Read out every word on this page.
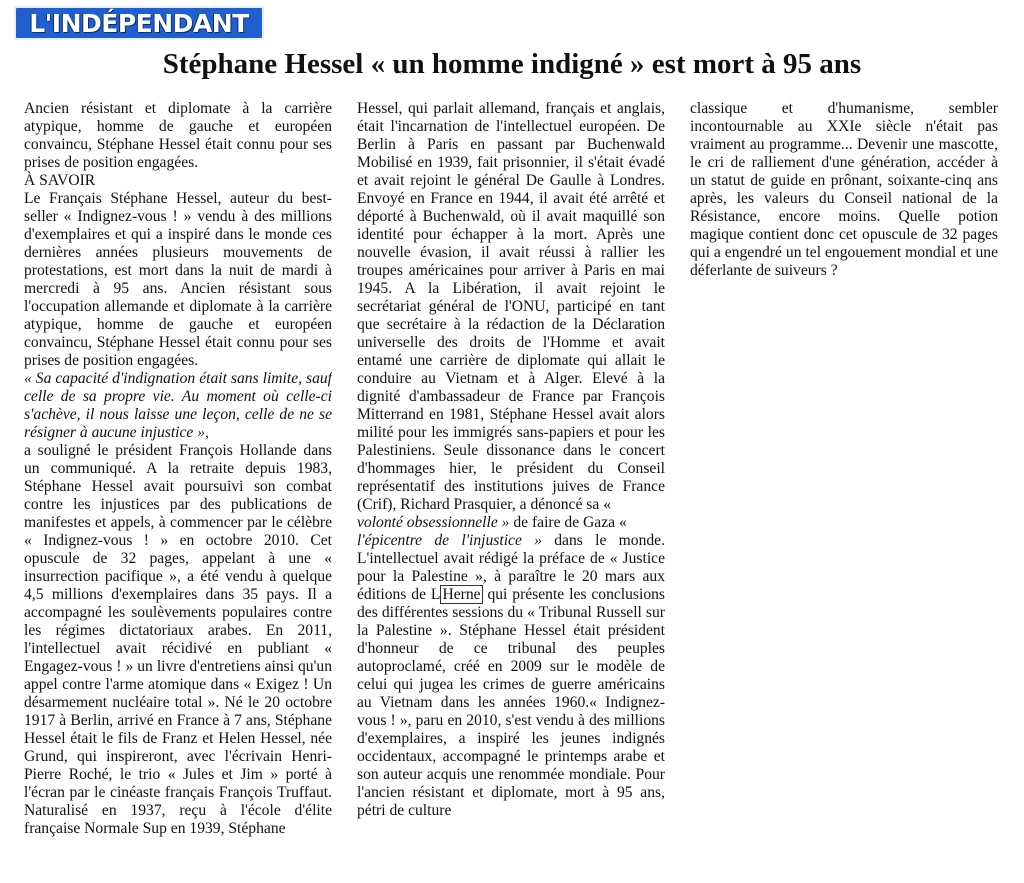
L'INDÉPENDANT
Stéphane Hessel « un homme indigné » est mort à 95 ans

Ancien résistant et diplomate à la carrière atypique, homme de gauche et européen convaincu, Stéphane Hessel était connu pour ses prises de position engagées.

À SAVOIR

Le Français Stéphane Hessel, auteur du best-seller « Indignez-vous ! » vendu à des millions d'exemplaires et qui a inspiré dans le monde ces dernières années plusieurs mouvements de protestations, est mort dans la nuit de mardi à mercredi à 95 ans. Ancien résistant sous l'occupation allemande et diplomate à la carrière atypique, homme de gauche et européen convaincu, Stéphane Hessel était connu pour ses prises de position engagées.

« Sa capacité d'indignation était sans limite, sauf celle de sa propre vie. Au moment où celle-ci s'achève, il nous laisse une leçon, celle de ne se résigner à aucune injustice »,

a souligné le président François Hollande dans un communiqué. A la retraite depuis 1983, Stéphane Hessel avait poursuivi son combat contre les injustices par des publications de manifestes et appels, à commencer par le célèbre « Indignez-vous ! » en octobre 2010. Cet opuscule de 32 pages, appelant à une « insurrection pacifique », a été vendu à quelque 4,5 millions d'exemplaires dans 35 pays. Il a accompagné les soulèvements populaires contre les régimes dictatoriaux arabes. En 2011, l'intellectuel avait récidivé en publiant « Engagez-vous ! » un livre d'entretiens ainsi qu'un appel contre l'arme atomique dans « Exigez ! Un désarmement nucléaire total ». Né le 20 octobre 1917 à Berlin, arrivé en France à 7 ans, Stéphane Hessel était le fils de Franz et Helen Hessel, née Grund, qui inspireront, avec l'écrivain Henri-Pierre Roché, le trio « Jules et Jim » porté à l'écran par le cinéaste français François Truffaut. Naturalisé en 1937, reçu à l'école d'élite française Normale Sup en 1939, Stéphane

Hessel, qui parlait allemand, français et anglais, était l'incarnation de l'intellectuel européen. De Berlin à Paris en passant par Buchenwald Mobilisé en 1939, fait prisonnier, il s'était évadé et avait rejoint le général De Gaulle à Londres. Envoyé en France en 1944, il avait été arrêté et déporté à Buchenwald, où il avait maquillé son identité pour échapper à la mort. Après une nouvelle évasion, il avait réussi à rallier les troupes américaines pour arriver à Paris en mai 1945. A la Libération, il avait rejoint le secrétariat général de l'ONU, participé en tant que secrétaire à la rédaction de la Déclaration universelle des droits de l'Homme et avait entamé une carrière de diplomate qui allait le conduire au Vietnam et à Alger. Elevé à la dignité d'ambassadeur de France par François Mitterrand en 1981, Stéphane Hessel avait alors milité pour les immigrés sans-papiers et pour les Palestiniens. Seule dissonance dans le concert d'hommages hier, le président du Conseil représentatif des institutions juives de France (Crif), Richard Prasquier, a dénoncé sa «
volonté obsessionnelle » de faire de Gaza «
l'épicentre de l'injustice » dans le monde. L'intellectuel avait rédigé la préface de « Justice pour la Palestine », à paraître le 20 mars aux éditions de L Herne qui présente les conclusions des différentes sessions du « Tribunal Russell sur la Palestine ». Stéphane Hessel était président d'honneur de ce tribunal des peuples autoproclamé, créé en 2009 sur le modèle de celui qui jugea les crimes de guerre américains au Vietnam dans les années 1960.« Indignez-vous ! », paru en 2010, s'est vendu à des millions d'exemplaires, a inspiré les jeunes indignés occidentaux, accompagné le printemps arabe et son auteur acquis une renommée mondiale. Pour l'ancien résistant et diplomate, mort à 95 ans, pétri de culture

classique et d'humanisme, sembler incontournable au XXIe siècle n'était pas vraiment au programme... Devenir une mascotte, le cri de ralliement d'une génération, accéder à un statut de guide en prônant, soixante-cinq ans après, les valeurs du Conseil national de la Résistance, encore moins. Quelle potion magique contient donc cet opuscule de 32 pages qui a engendré un tel engouement mondial et une déferlante de suiveurs ?
